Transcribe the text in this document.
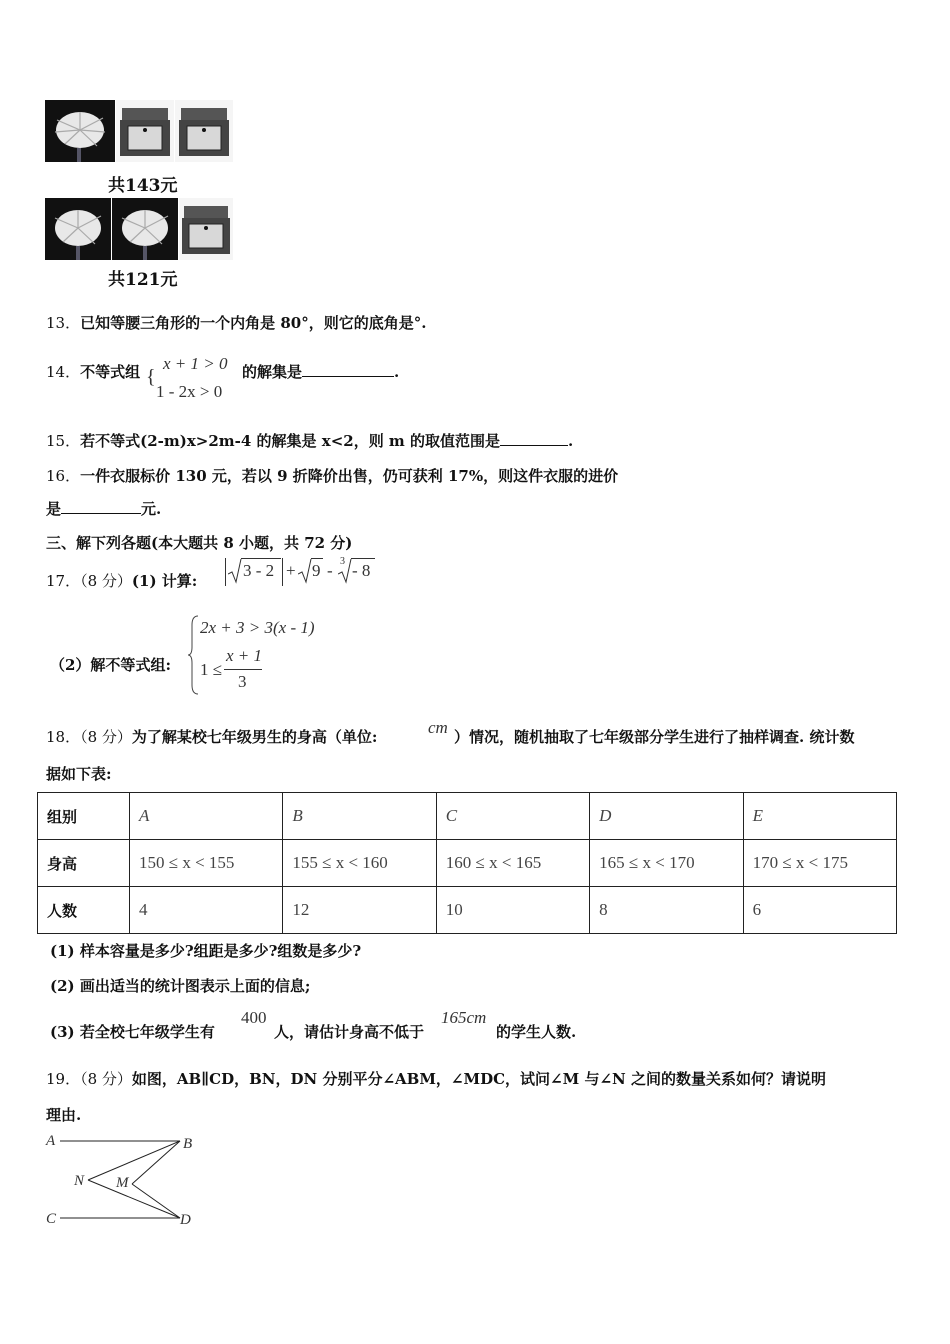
共143元
共121元
13．已知等腰三角形的一个内角是 80°，则它的底角是°.
14．不等式组 {
x + 1 > 0
1 - 2x > 0
的解集是	.
15．若不等式(2-m)x>2m-4 的解集是 x<2，则 m 的取值范围是	.
16．一件衣服标价 130 元，若以 9 折降价出售，仍可获利 17%，则这件衣服的进价
是	元.
三、解下列各题(本大题共 8 小题，共 72 分)
17．（8 分）(1) 计算:
3 - 2 + 9 - 3 - 8
（2）解不等式组:
2x + 3 > 3(x - 1)
1 ≤
x + 1
3
18．（8 分）为了解某校七年级男生的身高（单位:	cm ）情况，随机抽取了七年级部分学生进行了抽样调查. 统计数
据如下表:
组别	A	B	C	D	E
身高	150 ≤ x < 155	155 ≤ x < 160	160 ≤ x < 165	165 ≤ x < 170	170 ≤ x < 175
人数	4	12	10	8	6
(1) 样本容量是多少?组距是多少?组数是多少?
(2) 画出适当的统计图表示上面的信息;
(3) 若全校七年级学生有
400
人，请估计身高不低于
165cm
的学生人数.
19．（8 分）如图，AB∥CD，BN，DN 分别平分∠ABM，∠MDC，试问∠M 与∠N 之间的数量关系如何？请说明
理由.
A	B
C	D
N M
